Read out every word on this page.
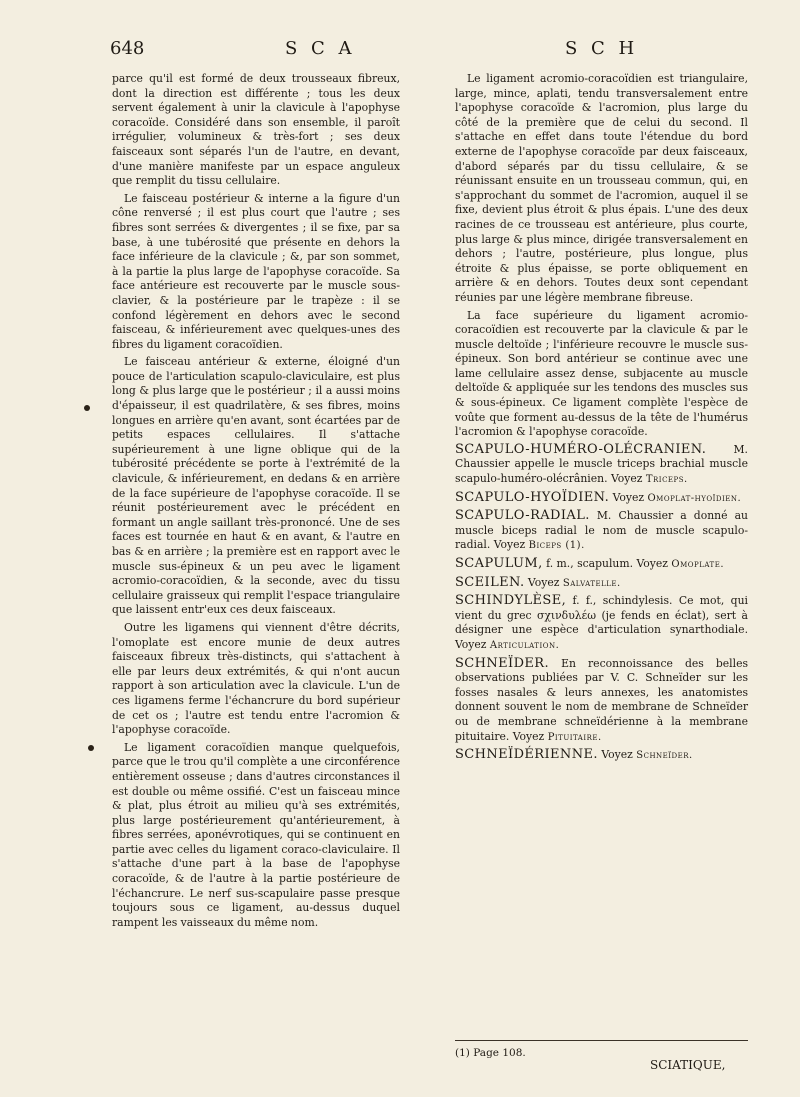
648	S C A	S C H

parce qu'il est formé de deux trousseaux fibreux, dont la direction est différente ; tous les deux servent également à unir la clavicule à l'apophyse coracoïde. Considéré dans son ensemble, il paroît irrégulier, volumineux & très-fort ; ses deux faisceaux sont séparés l'un de l'autre, en devant, d'une manière manifeste par un espace anguleux que remplit du tissu cellulaire.

Le faisceau postérieur & interne a la figure d'un cône renversé ; il est plus court que l'autre ; ses fibres sont serrées & divergentes ; il se fixe, par sa base, à une tubérosité que présente en dehors la face inférieure de la clavicule ; &, par son sommet, à la partie la plus large de l'apophyse coracoïde. Sa face antérieure est recouverte par le muscle sous-clavier, & la postérieure par le trapèze : il se confond légèrement en dehors avec le second faisceau, & inférieurement avec quelques-unes des fibres du ligament coracoïdien.

Le faisceau antérieur & externe, éloigné d'un pouce de l'articulation scapulo-claviculaire, est plus long & plus large que le postérieur ; il a aussi moins d'épaisseur, il est quadrilatère, & ses fibres, moins longues en arrière qu'en avant, sont écartées par de petits espaces cellulaires. Il s'attache supérieurement à une ligne oblique qui de la tubérosité précédente se porte à l'extrémité de la clavicule, & inférieurement, en dedans & en arrière de la face supérieure de l'apophyse coracoïde. Il se réunit postérieurement avec le précédent en formant un angle saillant très-prononcé. Une de ses faces est tournée en haut & en avant, & l'autre en bas & en arrière ; la première est en rapport avec le muscle sus-épineux & un peu avec le ligament acromio-coracoïdien, & la seconde, avec du tissu cellulaire graisseux qui remplit l'espace triangulaire que laissent entr'eux ces deux faisceaux.

Outre les ligamens qui viennent d'être décrits, l'omoplate est encore munie de deux autres faisceaux fibreux très-distincts, qui s'attachent à elle par leurs deux extrémités, & qui n'ont aucun rapport à son articulation avec la clavicule. L'un de ces ligamens ferme l'échancrure du bord supérieur de cet os ; l'autre est tendu entre l'acromion & l'apophyse coracoïde.

Le ligament coracoïdien manque quelquefois, parce que le trou qu'il complète a une circonférence entièrement osseuse ; dans d'autres circonstances il est double ou même ossifié. C'est un faisceau mince & plat, plus étroit au milieu qu'à ses extrémités, plus large postérieurement qu'antérieurement, à fibres serrées, aponévrotiques, qui se continuent en partie avec celles du ligament coraco-claviculaire. Il s'attache d'une part à la base de l'apophyse coracoïde, & de l'autre à la partie postérieure de l'échancrure. Le nerf sus-scapulaire passe presque toujours sous ce ligament, au-dessus duquel rampent les vaisseaux du même nom.

Le ligament acromio-coracoïdien est triangulaire, large, mince, aplati, tendu transversalement entre l'apophyse coracoïde & l'acromion, plus large du côté de la première que de celui du second. Il s'attache en effet dans toute l'étendue du bord externe de l'apophyse coracoïde par deux faisceaux, d'abord séparés par du tissu cellulaire, & se réunissant ensuite en un trousseau commun, qui, en s'approchant du sommet de l'acromion, auquel il se fixe, devient plus étroit & plus épais. L'une des deux racines de ce trousseau est antérieure, plus courte, plus large & plus mince, dirigée transversalement en dehors ; l'autre, postérieure, plus longue, plus étroite & plus épaisse, se porte obliquement en arrière & en dehors. Toutes deux sont cependant réunies par une légère membrane fibreuse.

La face supérieure du ligament acromio-coracoïdien est recouverte par la clavicule & par le muscle deltoïde ; l'inférieure recouvre le muscle sus-épineux. Son bord antérieur se continue avec une lame cellulaire assez dense, subjacente au muscle deltoïde & appliquée sur les tendons des muscles sus & sous-épineux. Ce ligament complète l'espèce de voûte que forment au-dessus de la tête de l'humérus l'acromion & l'apophyse coracoïde.

SCAPULO-HUMÉRO-OLÉCRANIEN.	M. Chaussier appelle le muscle triceps brachial muscle scapulo-huméro-olécrânien. Voyez Triceps.

SCAPULO-HYOÏDIEN. Voyez Omoplat-hyoïdien.

SCAPULO-RADIAL. M. Chaussier a donné au muscle biceps radial le nom de muscle scapulo-radial. Voyez Biceps (1).

SCAPULUM, f. m., scapulum. Voyez Omoplate.

SCEILEN. Voyez Salvatelle.

SCHINDYLÈSE, f. f., schindylesis. Ce mot, qui vient du grec σχινδυλέω (je fends en éclat), sert à désigner une espèce d'articulation synarthodiale. Voyez Articulation.

SCHNEÏDER. En reconnoissance des belles observations publiées par V. C. Schneïder sur les fosses nasales & leurs annexes, les anatomistes donnent souvent le nom de membrane de Schneïder ou de membrane schneïdérienne à la membrane pituitaire. Voyez Pituitaire.

SCHNEÏDÉRIENNE. Voyez Schneïder.

(1) Page 108.
SCIATIQUE,
